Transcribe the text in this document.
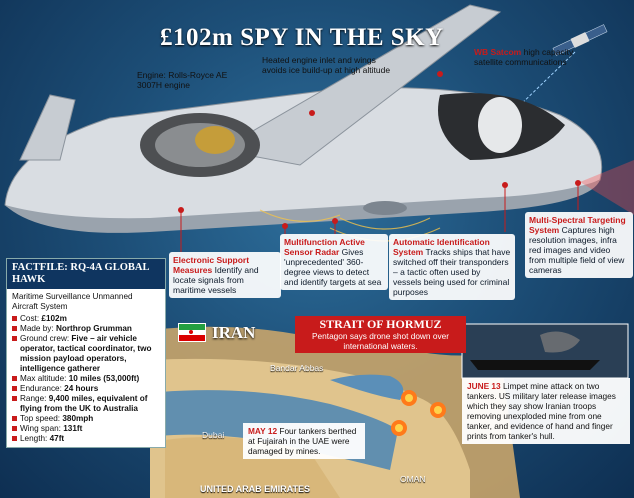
£102m SPY IN THE SKY
Engine: Rolls-Royce AE 3007H engine
Heated engine inlet and wings avoids ice build-up at high altitude
WB Satcom high capacity satellite communications
Electronic Support Measures Identify and locate signals from maritime vessels
Multifunction Active Sensor Radar Gives 'unprecedented' 360-degree views to detect and identify targets at sea
Automatic Identification System Tracks ships that have switched off their transponders – a tactic often used by vessels being used for criminal purposes
Multi-Spectral Targeting System Captures high resolution images, infra red images and video from multiple field of view cameras
FACTFILE: RQ-4A GLOBAL HAWK
Maritime Surveillance Unmanned Aircraft System
Cost: £102m
Made by: Northrop Grumman
Ground crew: Five – air vehicle operator, tactical coordinator, two mission payload operators, intelligence gatherer
Max altitude: 10 miles (53,000ft)
Endurance: 24 hours
Range: 9,400 miles, equivalent of flying from the UK to Australia
Top speed: 380mph
Wing span: 131ft
Length: 47ft
IRAN	STRAIT OF HORMUZ
Pentagon says drone shot down over international waters.
Bandar Abbas
Dubai
OMAN
UNITED ARAB EMIRATES
MAY 12 Four tankers berthed at Fujairah in the UAE were damaged by mines.
JUNE 13 Limpet mine attack on two tankers. US military later release images which they say show Iranian troops removing unexploded mine from one tanker, and evidence of hand and finger prints from tanker's hull.
